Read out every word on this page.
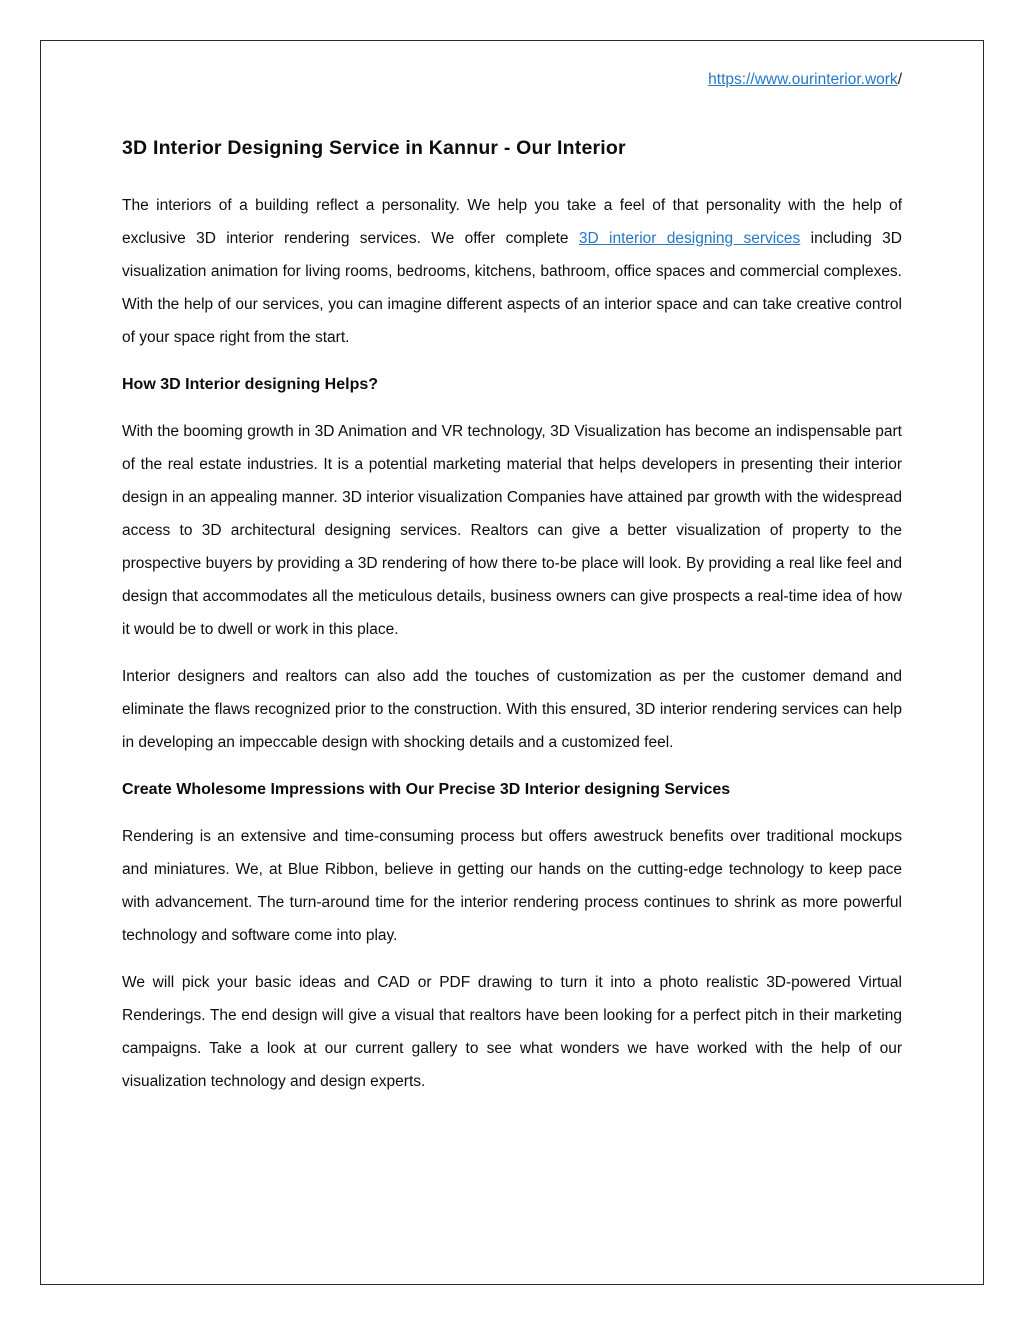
https://www.ourinterior.work/
3D Interior Designing Service in Kannur - Our Interior

The interiors of a building reflect a personality. We help you take a feel of that personality with the help of exclusive 3D interior rendering services. We offer complete 3D interior designing services including 3D visualization animation for living rooms, bedrooms, kitchens, bathroom, office spaces and commercial complexes. With the help of our services, you can imagine different aspects of an interior space and can take creative control of your space right from the start.

How 3D Interior designing Helps?

With the booming growth in 3D Animation and VR technology, 3D Visualization has become an indispensable part of the real estate industries. It is a potential marketing material that helps developers in presenting their interior design in an appealing manner. 3D interior visualization Companies have attained par growth with the widespread access to 3D architectural designing services. Realtors can give a better visualization of property to the prospective buyers by providing a 3D rendering of how there to-be place will look. By providing a real like feel and design that accommodates all the meticulous details, business owners can give prospects a real-time idea of how it would be to dwell or work in this place.

Interior designers and realtors can also add the touches of customization as per the customer demand and eliminate the flaws recognized prior to the construction. With this ensured, 3D interior rendering services can help in developing an impeccable design with shocking details and a customized feel.

Create Wholesome Impressions with Our Precise 3D Interior designing Services

Rendering is an extensive and time-consuming process but offers awestruck benefits over traditional mockups and miniatures. We, at Blue Ribbon, believe in getting our hands on the cutting-edge technology to keep pace with advancement. The turn-around time for the interior rendering process continues to shrink as more powerful technology and software come into play.

We will pick your basic ideas and CAD or PDF drawing to turn it into a photo realistic 3D-powered Virtual Renderings. The end design will give a visual that realtors have been looking for a perfect pitch in their marketing campaigns. Take a look at our current gallery to see what wonders we have worked with the help of our visualization technology and design experts.
